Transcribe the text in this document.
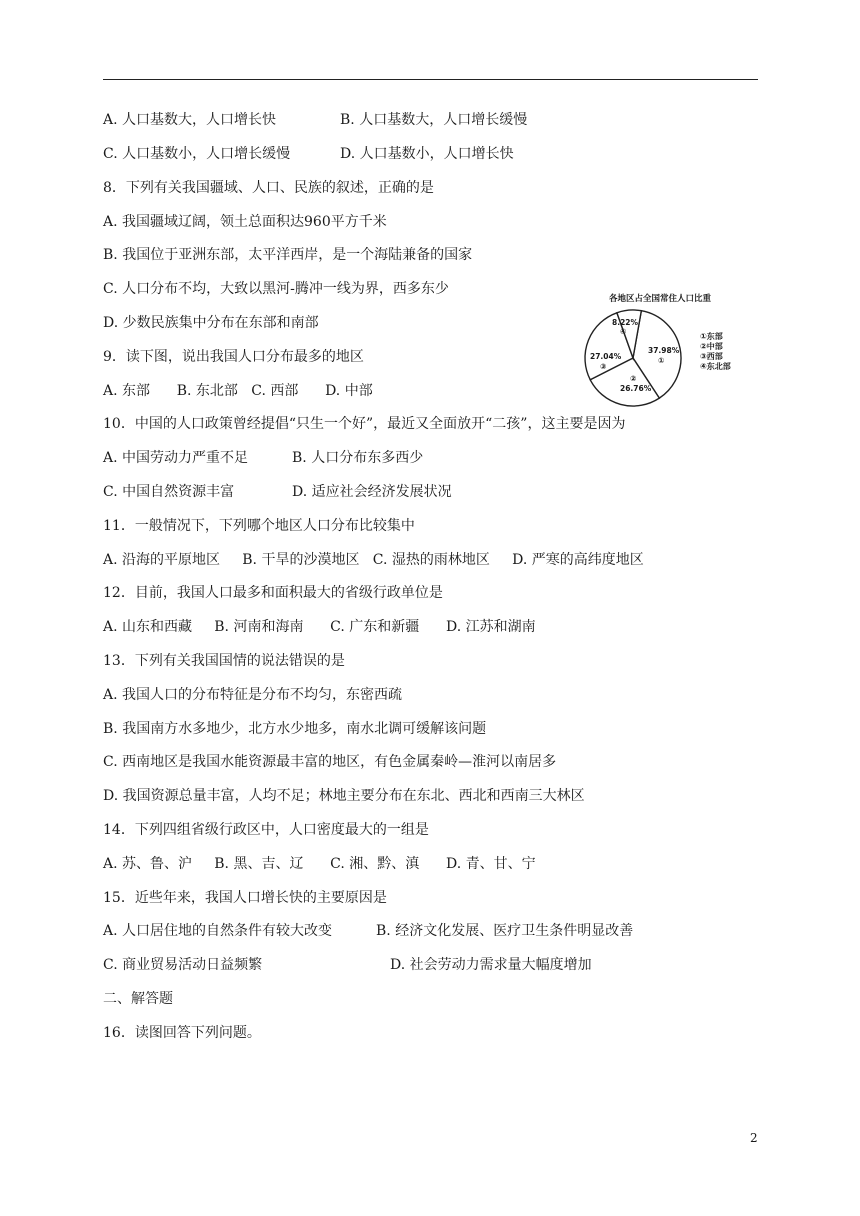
A. 人口基数大，人口增长快	B. 人口基数大，人口增长缓慢
C. 人口基数小，人口增长缓慢	D. 人口基数小，人口增长快
8．下列有关我国疆域、人口、民族的叙述，正确的是
A. 我国疆域辽阔，领土总面积达960平方千米
B. 我国位于亚洲东部，太平洋西岸，是一个海陆兼备的国家
C. 人口分布不均，大致以黑河-腾冲一线为界，西多东少
D. 少数民族集中分布在东部和南部
9．读下图，说出我国人口分布最多的地区
A. 东部      B. 东北部   C. 西部      D. 中部
10．中国的人口政策曾经提倡“只生一个好”，最近又全面放开“二孩”，这主要是因为
A. 中国劳动力严重不足	B. 人口分布东多西少
C. 中国自然资源丰富	D. 适应社会经济发展状况
11．一般情况下，下列哪个地区人口分布比较集中
A. 沿海的平原地区     B. 干旱的沙漠地区   C. 湿热的雨林地区     D. 严寒的高纬度地区
12．目前，我国人口最多和面积最大的省级行政单位是
A. 山东和西藏     B. 河南和海南      C. 广东和新疆      D. 江苏和湖南
13．下列有关我国国情的说法错误的是
A. 我国人口的分布特征是分布不均匀，东密西疏
B. 我国南方水多地少，北方水少地多，南水北调可缓解该问题
C. 西南地区是我国水能资源最丰富的地区，有色金属秦岭—淮河以南居多
D. 我国资源总量丰富，人均不足；林地主要分布在东北、西北和西南三大林区
14．下列四组省级行政区中，人口密度最大的一组是
A. 苏、鲁、沪     B. 黑、吉、辽      C. 湘、黔、滇      D. 青、甘、宁
15．近些年来，我国人口增长快的主要原因是
A. 人口居住地的自然条件有较大改变	B. 经济文化发展、医疗卫生条件明显改善
C. 商业贸易活动日益频繁	D. 社会劳动力需求量大幅度增加
二、解答题
16．读图回答下列问题。
各地区占全国常住人口比重
37.98%
①
②
26.76%
27.04%
③
8.22%
④
①东部
②中部
③西部
④东北部
2
